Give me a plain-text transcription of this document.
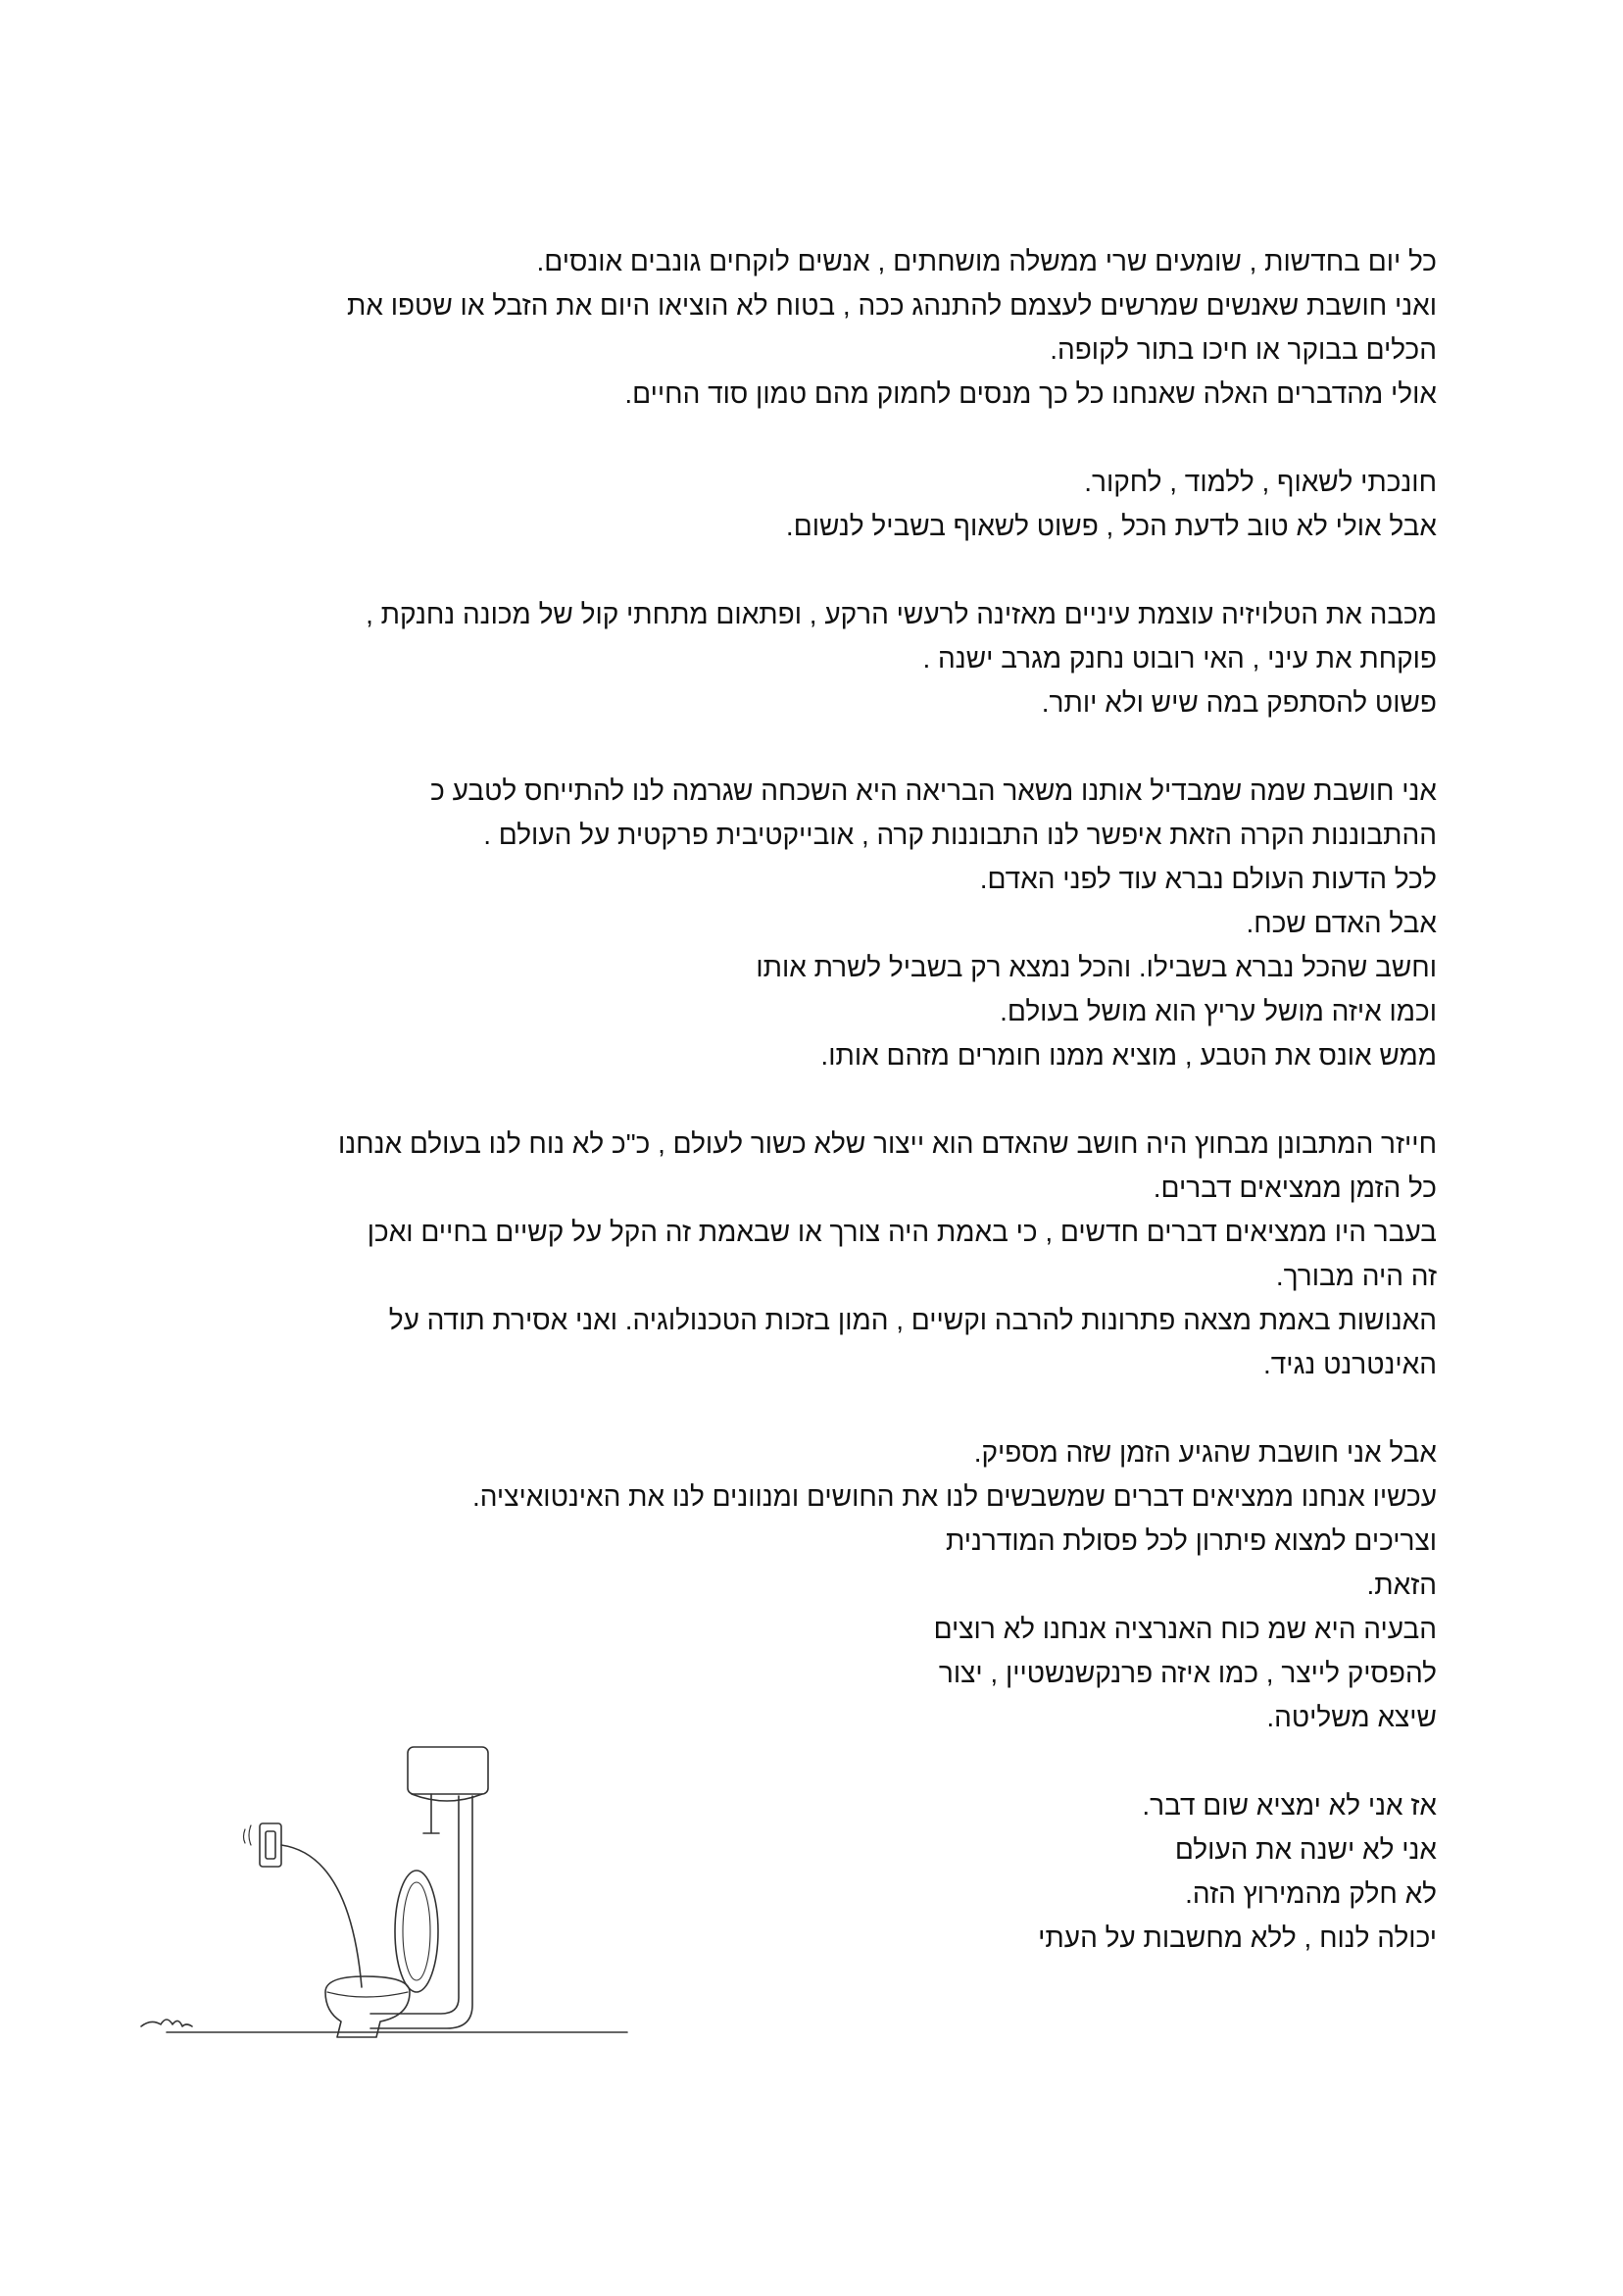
כל יום בחדשות , שומעים שרי ממשלה מושחתים , אנשים לוקחים גונבים אונסים.

ואני חושבת שאנשים שמרשים לעצמם להתנהג ככה , בטוח לא הוציאו היום את הזבל או שטפו את

הכלים בבוקר או חיכו בתור לקופה.

אולי מהדברים האלה שאנחנו כל כך מנסים לחמוק מהם טמון סוד החיים.

חונכתי לשאוף , ללמוד , לחקור.

אבל אולי לא טוב לדעת הכל , פשוט לשאוף בשביל לנשום.

מכבה את הטלויזיה עוצמת עיניים מאזינה לרעשי הרקע , ופתאום מתחתי קול של מכונה נחנקת ,

פוקחת את עיני , האי רובוט נחנק מגרב ישנה .

פשוט להסתפק במה שיש ולא יותר.

אני חושבת שמה שמבדיל אותנו משאר הבריאה היא השכחה שגרמה לנו להתייחס לטבע כ

ההתבוננות הקרה הזאת איפשר לנו התבוננות קרה , אובייקטיבית פרקטית על העולם .

לכל הדעות העולם נברא עוד לפני האדם.

אבל האדם שכח.

וחשב שהכל נברא בשבילו. והכל נמצא רק בשביל לשרת אותו

וכמו איזה מושל עריץ הוא מושל בעולם.

ממש אונס את הטבע , מוציא ממנו חומרים מזהם אותו.

חייזר המתבונן מבחוץ היה חושב שהאדם הוא ייצור שלא כשור לעולם , כ"כ לא נוח לנו בעולם אנחנו

כל הזמן ממציאים דברים.

בעבר היו ממציאים דברים חדשים , כי באמת היה צורך או שבאמת זה הקל על קשיים בחיים ואכן

זה היה מבורך.

האנושות באמת מצאה פתרונות להרבה וקשיים , המון בזכות הטכנולוגיה. ואני אסירת תודה על

האינטרנט נגיד.

אבל אני חושבת שהגיע הזמן שזה מספיק.

עכשיו אנחנו ממציאים דברים שמשבשים לנו את החושים ומנוונים לנו את האינטואיציה.

וצריכים למצוא פיתרון לכל פסולת המודרנית

הזאת.

הבעיה היא שמ כוח האנרציה אנחנו לא רוצים

להפסיק לייצר , כמו איזה פרנקשנשטיין , יצור

שיצא משליטה.

אז אני לא ימציא שום דבר.

אני לא ישנה את העולם

לא חלק מהמירוץ הזה.

יכולה לנוח , ללא מחשבות על העתי
